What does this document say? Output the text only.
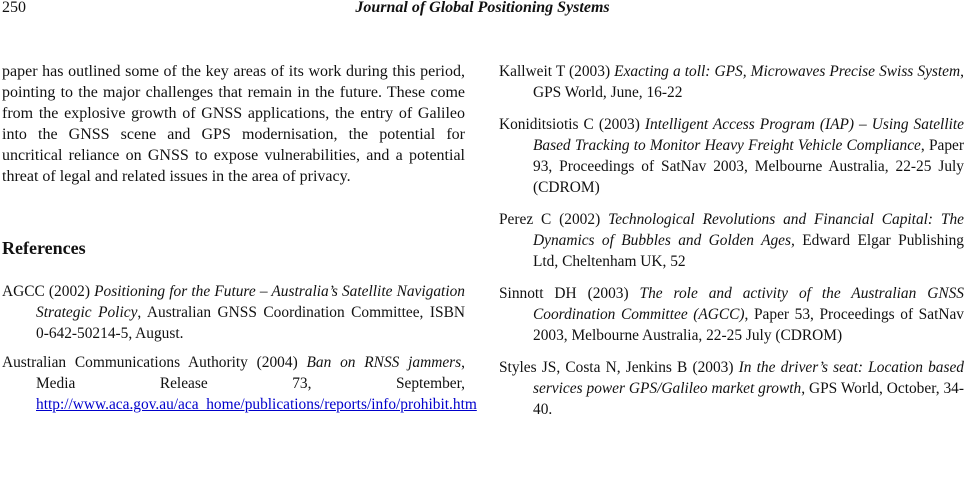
250	Journal of Global Positioning Systems

paper has outlined some of the key areas of its work during this period, pointing to the major challenges that remain in the future. These come from the explosive growth of GNSS applications, the entry of Galileo into the GNSS scene and GPS modernisation, the potential for uncritical reliance on GNSS to expose vulnerabilities, and a potential threat of legal and related issues in the area of privacy.

References

AGCC (2002) Positioning for the Future – Australia’s Satellite Navigation Strategic Policy, Australian GNSS Coordination Committee, ISBN 0-642-50214-5, August.

Australian Communications Authority (2004) Ban on RNSS jammers, Media Release 73, September, http://www.aca.gov.au/aca_home/publications/reports/info/prohibit.htm

Kallweit T (2003) Exacting a toll: GPS, Microwaves Precise Swiss System, GPS World, June, 16-22

Koniditsiotis C (2003) Intelligent Access Program (IAP) – Using Satellite Based Tracking to Monitor Heavy Freight Vehicle Compliance, Paper 93, Proceedings of SatNav 2003, Melbourne Australia, 22-25 July (CDROM)

Perez C (2002) Technological Revolutions and Financial Capital: The Dynamics of Bubbles and Golden Ages, Edward Elgar Publishing Ltd, Cheltenham UK, 52

Sinnott DH (2003) The role and activity of the Australian GNSS Coordination Committee (AGCC), Paper 53, Proceedings of SatNav 2003, Melbourne Australia, 22-25 July (CDROM)

Styles JS, Costa N, Jenkins B (2003) In the driver’s seat: Location based services power GPS/Galileo market growth, GPS World, October, 34-40.
